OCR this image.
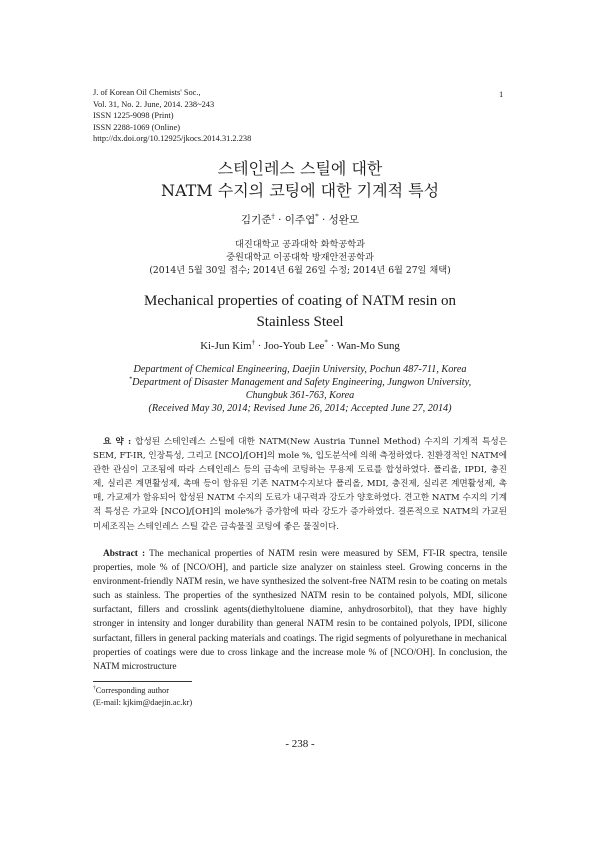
J. of Korean Oil Chemists' Soc.,
Vol. 31, No. 2. June, 2014. 238~243
ISSN 1225-9098 (Print)
ISSN 2288-1069 (Online)
http://dx.doi.org/10.12925/jkocs.2014.31.2.238
1
스테인레스 스틸에 대한
NATM 수지의 코팅에 대한 기계적 특성
김기준† · 이주엽* · 성완모
대진대학교 공과대학 화학공학과
중원대학교 이공대학 방재안전공학과
(2014년 5월 30일 접수; 2014년 6월 26일 수정; 2014년 6월 27일 채택)
Mechanical properties of coating of NATM resin on
Stainless Steel
Ki-Jun Kim† · Joo-Youb Lee* · Wan-Mo Sung
Department of Chemical Engineering, Daejin University, Pochun 487-711, Korea
*Department of Disaster Management and Safety Engineering, Jungwon University,
Chungbuk 361-763, Korea
(Received May 30, 2014; Revised June 26, 2014; Accepted June 27, 2014)
요 약 : 합성된 스테인레스 스틸에 대한 NATM(New Austria Tunnel Method) 수지의 기계적 특성은 SEM, FT-IR, 인장특성, 그리고 [NCO]/[OH]의 mole %, 입도분석에 의해 측정하였다. 친환경적인 NATM에 관한 관심이 고조됨에 따라 스테인레스 등의 금속에 코팅하는 무용제 도료를 합성하였다. 폴리올, IPDI, 충진제, 실리콘 계면활성제, 촉매 등이 함유된 기존 NATM수지보다 폴리올, MDI, 충진제, 실리콘 계면활성제, 촉매, 가교제가 함유되어 합성된 NATM 수지의 도료가 내구력과 강도가 양호하였다. 견고한 NATM 수지의 기계적 특성은 가교와 [NCO]/[OH]의 mole%가 증가함에 따라 강도가 증가하였다. 결론적으로 NATM의 가교된 미세조직는 스테인레스 스틸 같은 금속물질 코팅에 좋은 물질이다.
Abstract : The mechanical properties of NATM resin were measured by SEM, FT-IR spectra, tensile properties, mole % of [NCO/OH], and particle size analyzer on stainless steel. Growing concerns in the environment-friendly NATM resin, we have synthesized the solvent-free NATM resin to be coating on metals such as stainless. The properties of the synthesized NATM resin to be contained polyols, MDI, silicone surfactant, fillers and crosslink agents(diethyltoluene diamine, anhydrosorbitol), that they have highly stronger in intensity and longer durability than general NATM resin to be contained polyols, IPDI, silicone surfactant, fillers in general packing materials and coatings. The rigid segments of polyurethane in mechanical properties of coatings were due to cross linkage and the increase mole % of [NCO/OH]. In conclusion, the NATM microstructure
†Corresponding author
(E-mail: kjkim@daejin.ac.kr)
- 238 -
